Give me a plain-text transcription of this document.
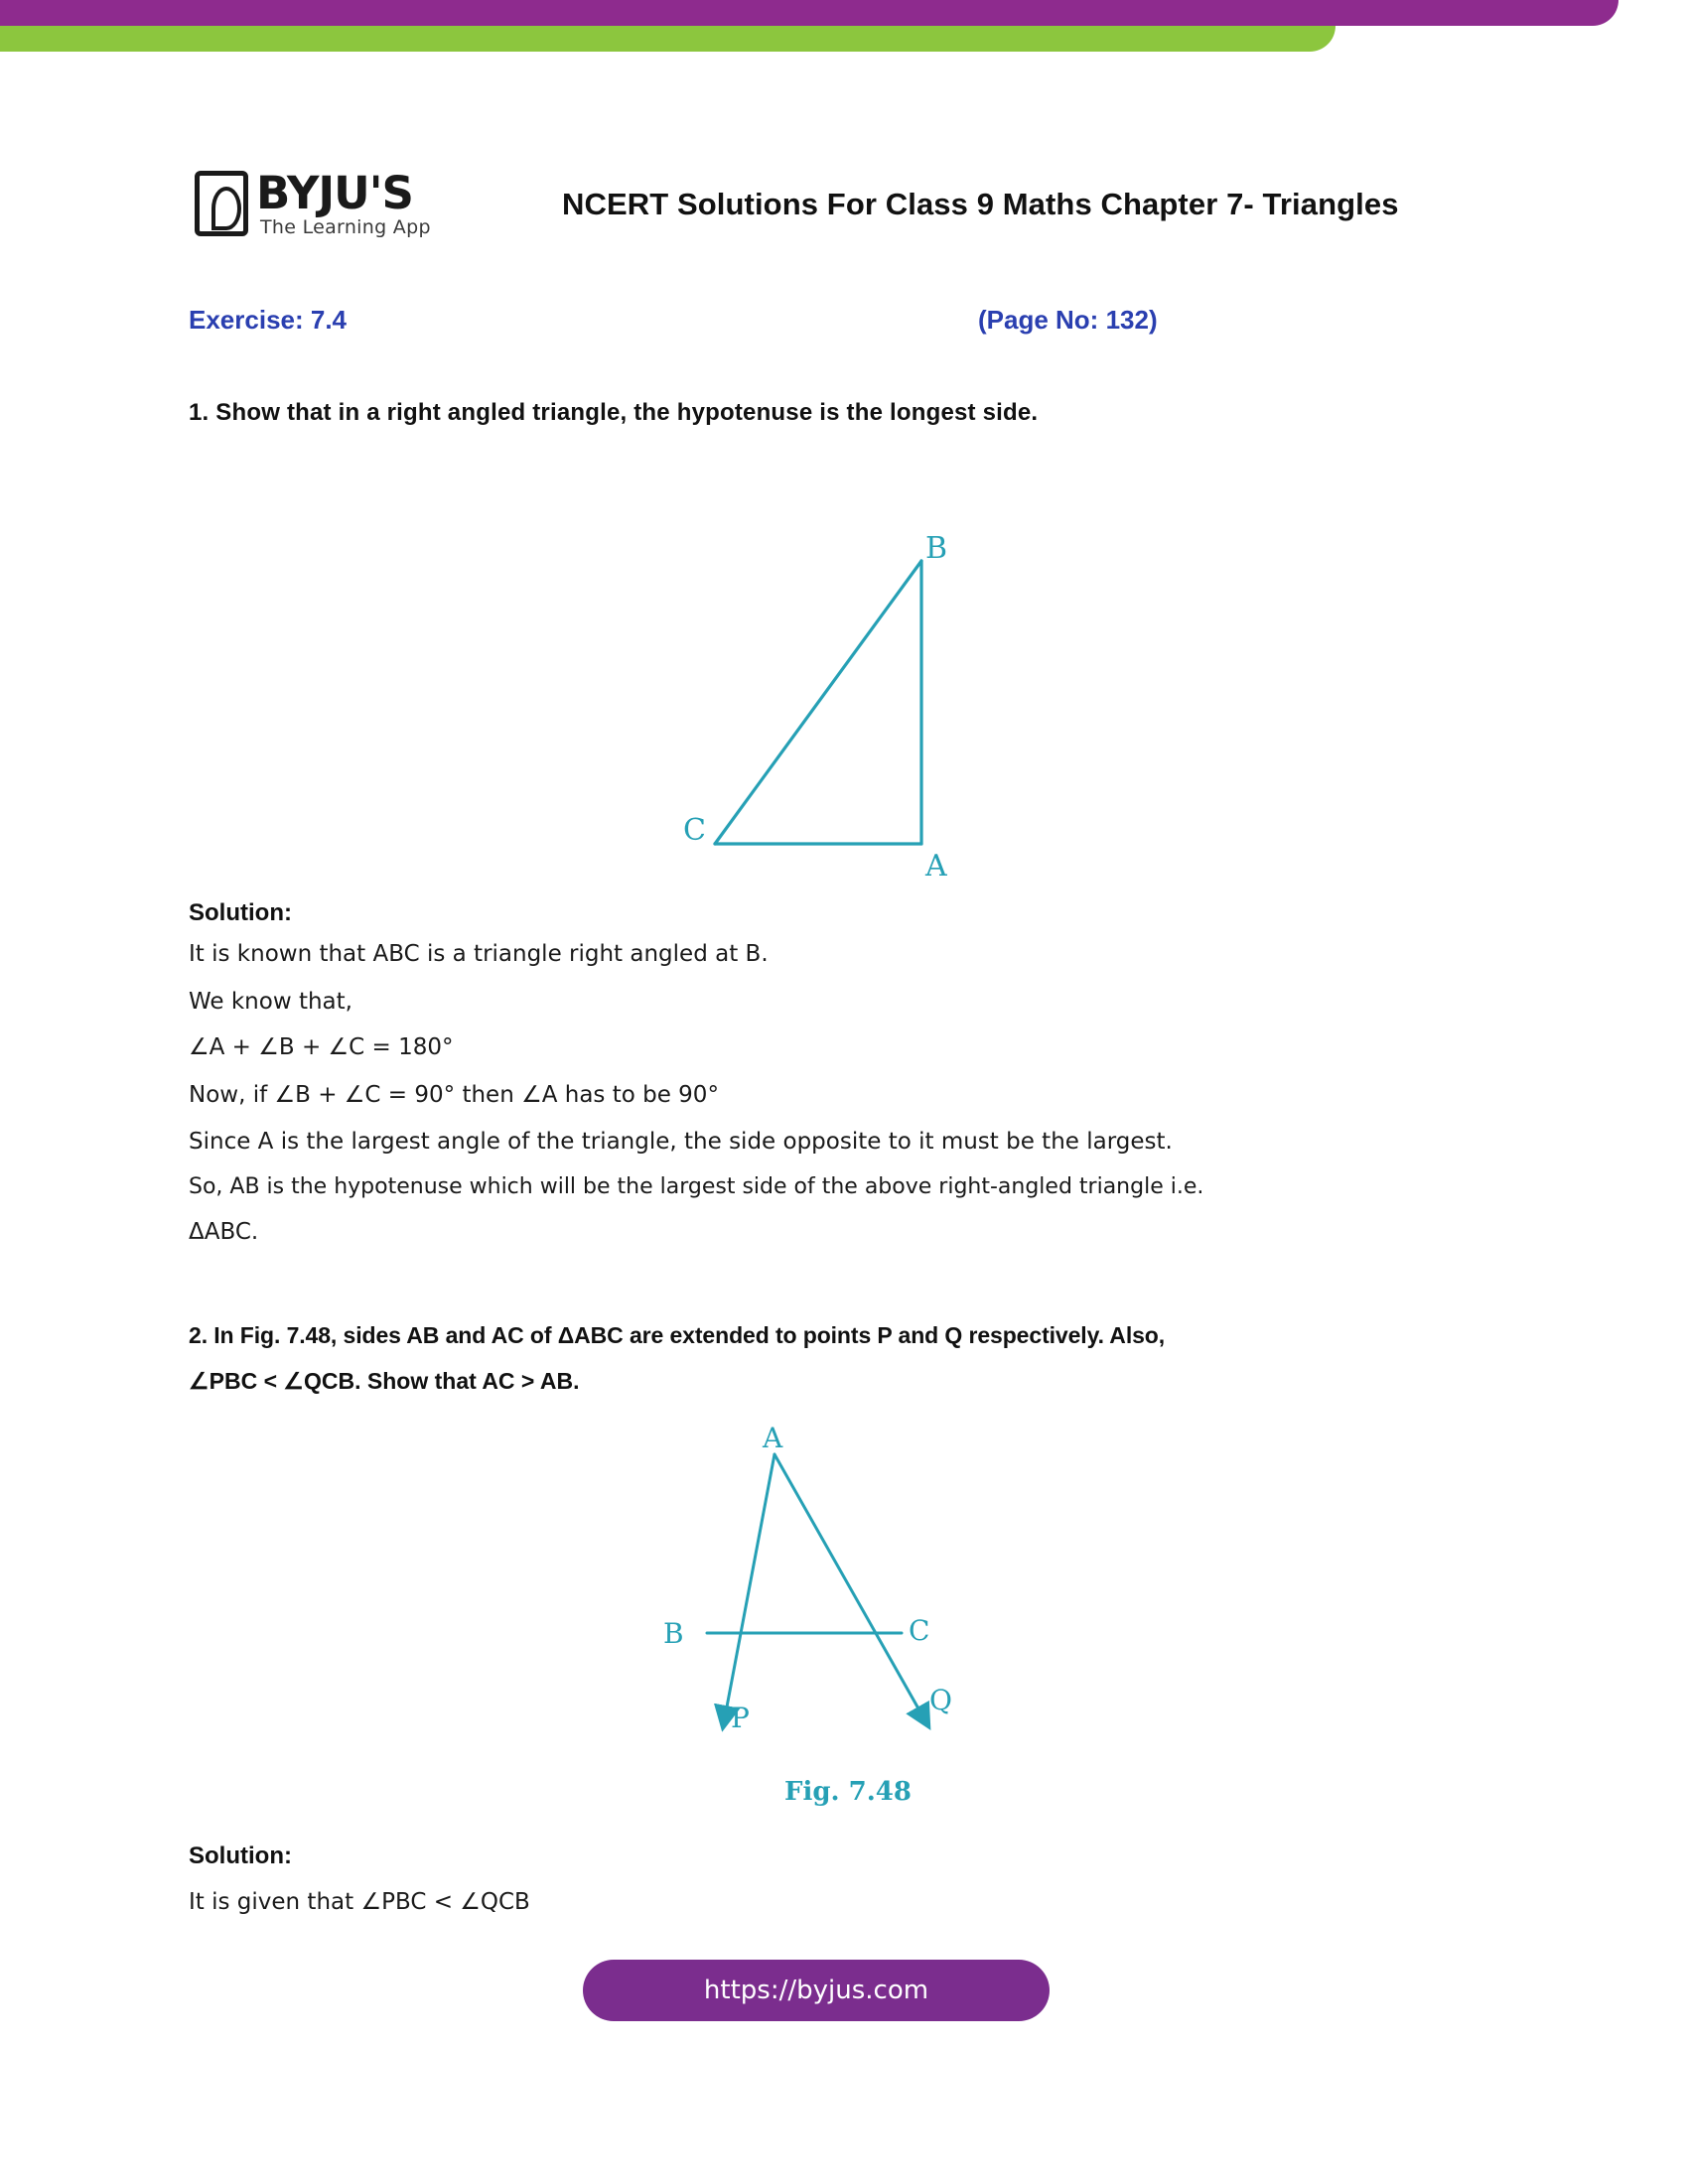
BYJU'S
The Learning App
NCERT Solutions For Class 9 Maths Chapter 7- Triangles
Exercise: 7.4	(Page No: 132)
1. Show that in a right angled triangle, the hypotenuse is the longest side.
B
C
A
Solution:
It is known that ABC is a triangle right angled at B.
We know that,
∠A + ∠B + ∠C = 180°
Now, if ∠B + ∠C = 90° then ∠A has to be 90°
Since A is the largest angle of the triangle, the side opposite to it must be the largest.
So, AB is the hypotenuse which will be the largest side of the above right-angled triangle i.e.
ΔABC.
2. In Fig. 7.48, sides AB and AC of ΔABC are extended to points P and Q respectively. Also,
∠PBC < ∠QCB. Show that AC > AB.
A
B	C
P
Q
Fig. 7.48
Solution:
It is given that ∠PBC < ∠QCB
https://byjus.com
